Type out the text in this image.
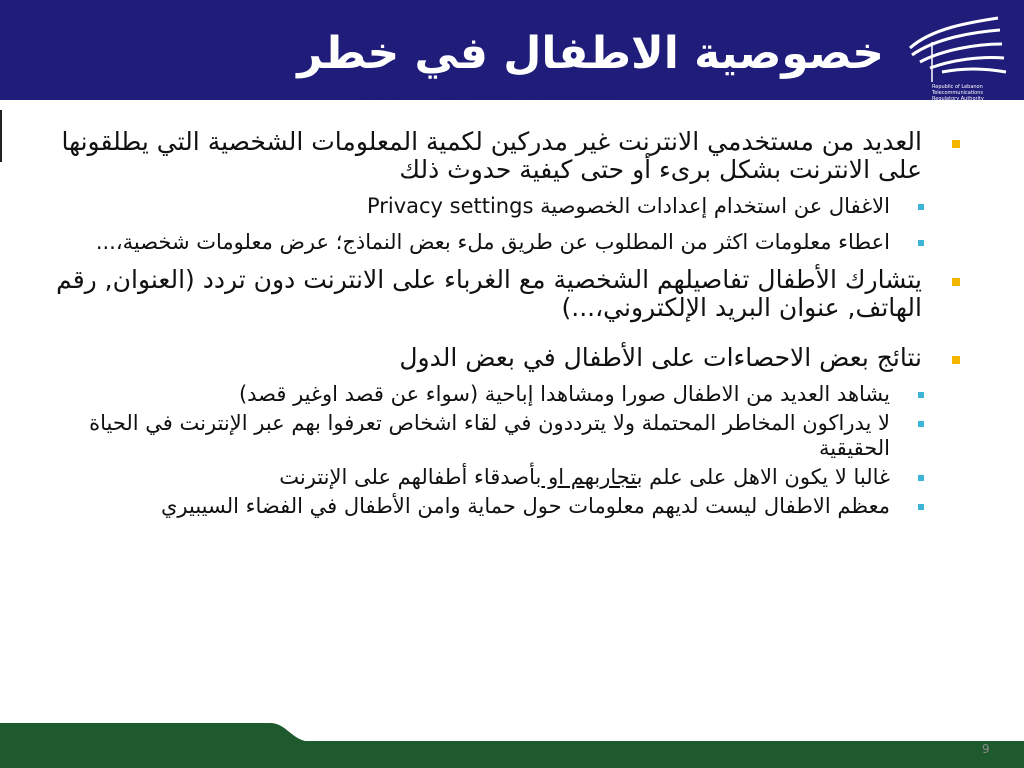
خصوصية الاطفال في خطر
Republic of Lebanon
Telecommunications
Regulatory Authority
العديد من مستخدمي الانترنت غير مدركين لكمية المعلومات الشخصية التي يطلقونها على الانترنت بشكل برىء أو حتى كيفية حدوث ذلك
الاغفال عن استخدام إعدادات الخصوصية Privacy settings
اعطاء معلومات اكثر من المطلوب عن طريق ملء بعض النماذج؛ عرض معلومات شخصية،...
يتشارك الأطفال تفاصيلهم الشخصية مع الغرباء على الانترنت دون تردد (العنوان, رقم الهاتف, عنوان البريد الإلكتروني،...)
نتائج بعض الاحصاءات على الأطفال في بعض الدول
يشاهد العديد من الاطفال صورا ومشاهدا إباحية (سواء عن قصد اوغير قصد)
لا يدراكون المخاطر المحتملة ولا يترددون في لقاء اشخاص تعرفوا بهم عبر الإنترنت في الحياة الحقيقية
غالبا لا يكون الاهل على علم بتجاربهم او بأصدقاء أطفالهم على الإنترنت
معظم الاطفال ليست لديهم معلومات حول حماية وامن الأطفال في الفضاء السيبيري
9
